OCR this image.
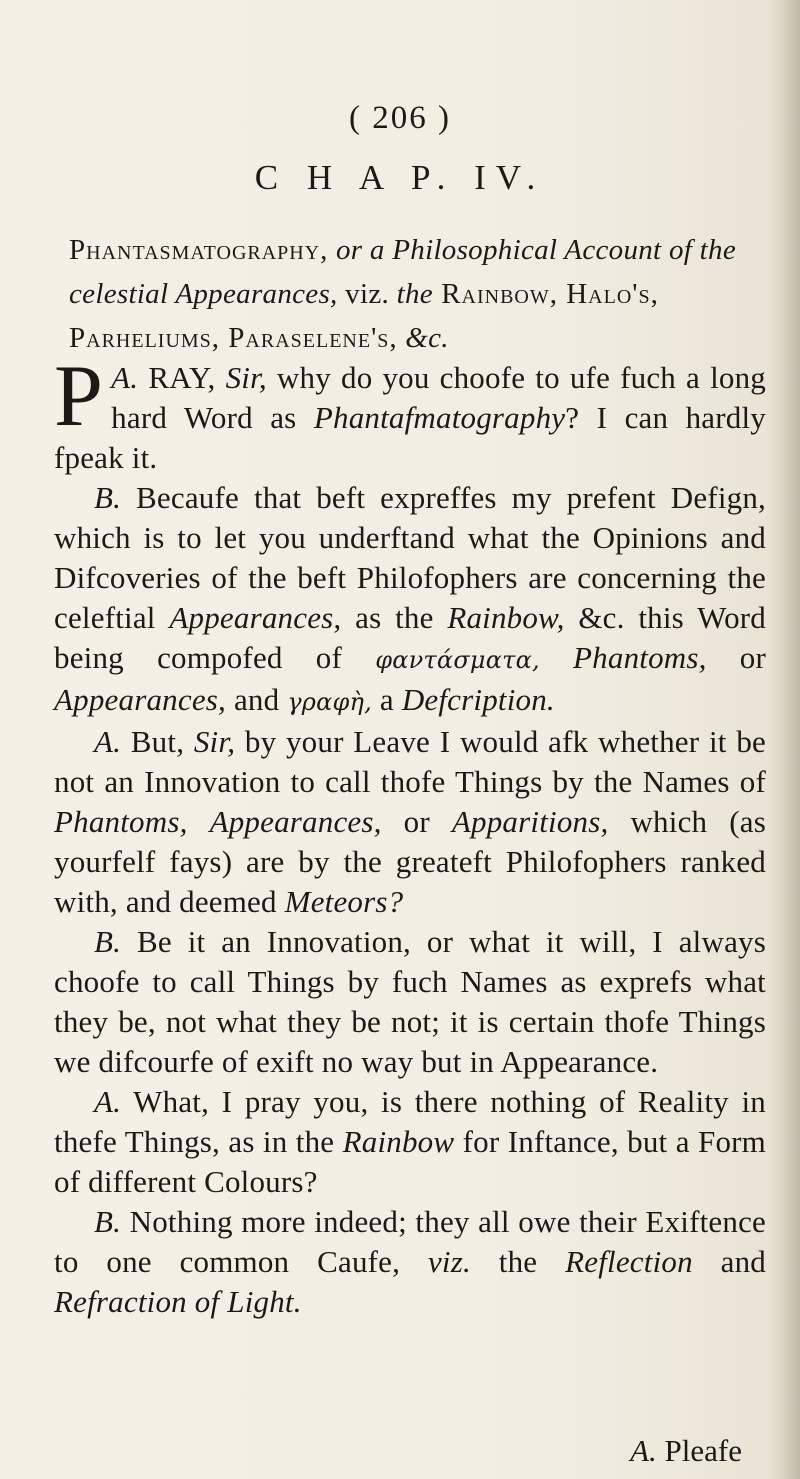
( 206 )
C H A P. IV.
Phantasmatography, or a Philosophical Account of the celestial Appearances, viz. the Rainbow, Halo's, Parheliums, Paraselene's, &c.

A.
P RAY, Sir, why do you choofe to ufe fuch a long hard Word as Phantafmatography? I can hardly fpeak it.

B. Becaufe that beft expreffes my prefent Defign, which is to let you underftand what the Opinions and Difcoveries of the beft Philofophers are concerning the celeftial Appearances, as the Rainbow, &c. this Word being compofed of φαντάσματα, Phantoms, or Appearances, and γραφὴ, a Defcription.

A. But, Sir, by your Leave I would afk whether it be not an Innovation to call thofe Things by the Names of Phantoms, Appearances, or Apparitions, which (as yourfelf fays) are by the greateft Philofophers ranked with, and deemed Meteors?

B. Be it an Innovation, or what it will, I always choofe to call Things by fuch Names as exprefs what they be, not what they be not; it is certain thofe Things we difcourfe of exift no way but in Appearance.

A. What, I pray you, is there nothing of Reality in thefe Things, as in the Rainbow for Inftance, but a Form of different Colours?

B. Nothing more indeed; they all owe their Exiftence to one common Caufe, viz. the Reflection and Refraction of Light.

A. Pleafe
